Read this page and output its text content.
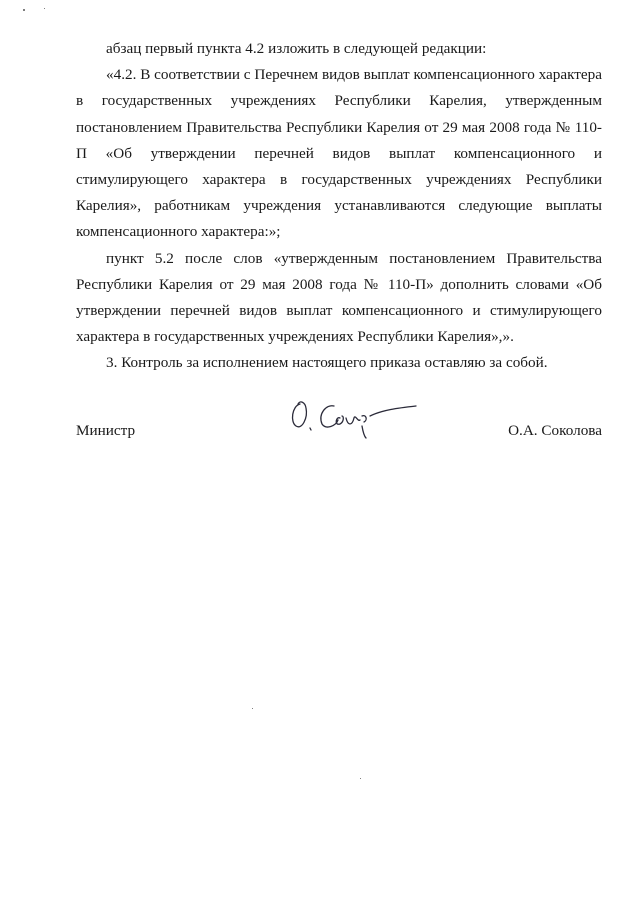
абзац первый пункта 4.2 изложить в следующей редакции:

«4.2. В соответствии с Перечнем видов выплат компенсационного характера в государственных учреждениях Республики Карелия, утвержденным постановлением Правительства Республики Карелия от 29 мая 2008 года № 110-П «Об утверждении перечней видов выплат компенсационного и стимулирующего характера в государственных учреждениях Республики Карелия», работникам учреждения устанавливаются следующие выплаты компенсационного характера:»;

пункт 5.2 после слов «утвержденным постановлением Правительства Республики Карелия от 29 мая 2008 года № 110-П» дополнить словами «Об утверждении перечней видов выплат компенсационного и стимулирующего характера в государственных учреждениях Республики Карелия»,».

3. Контроль за исполнением настоящего приказа оставляю за собой.

Министр	О.А. Соколова
